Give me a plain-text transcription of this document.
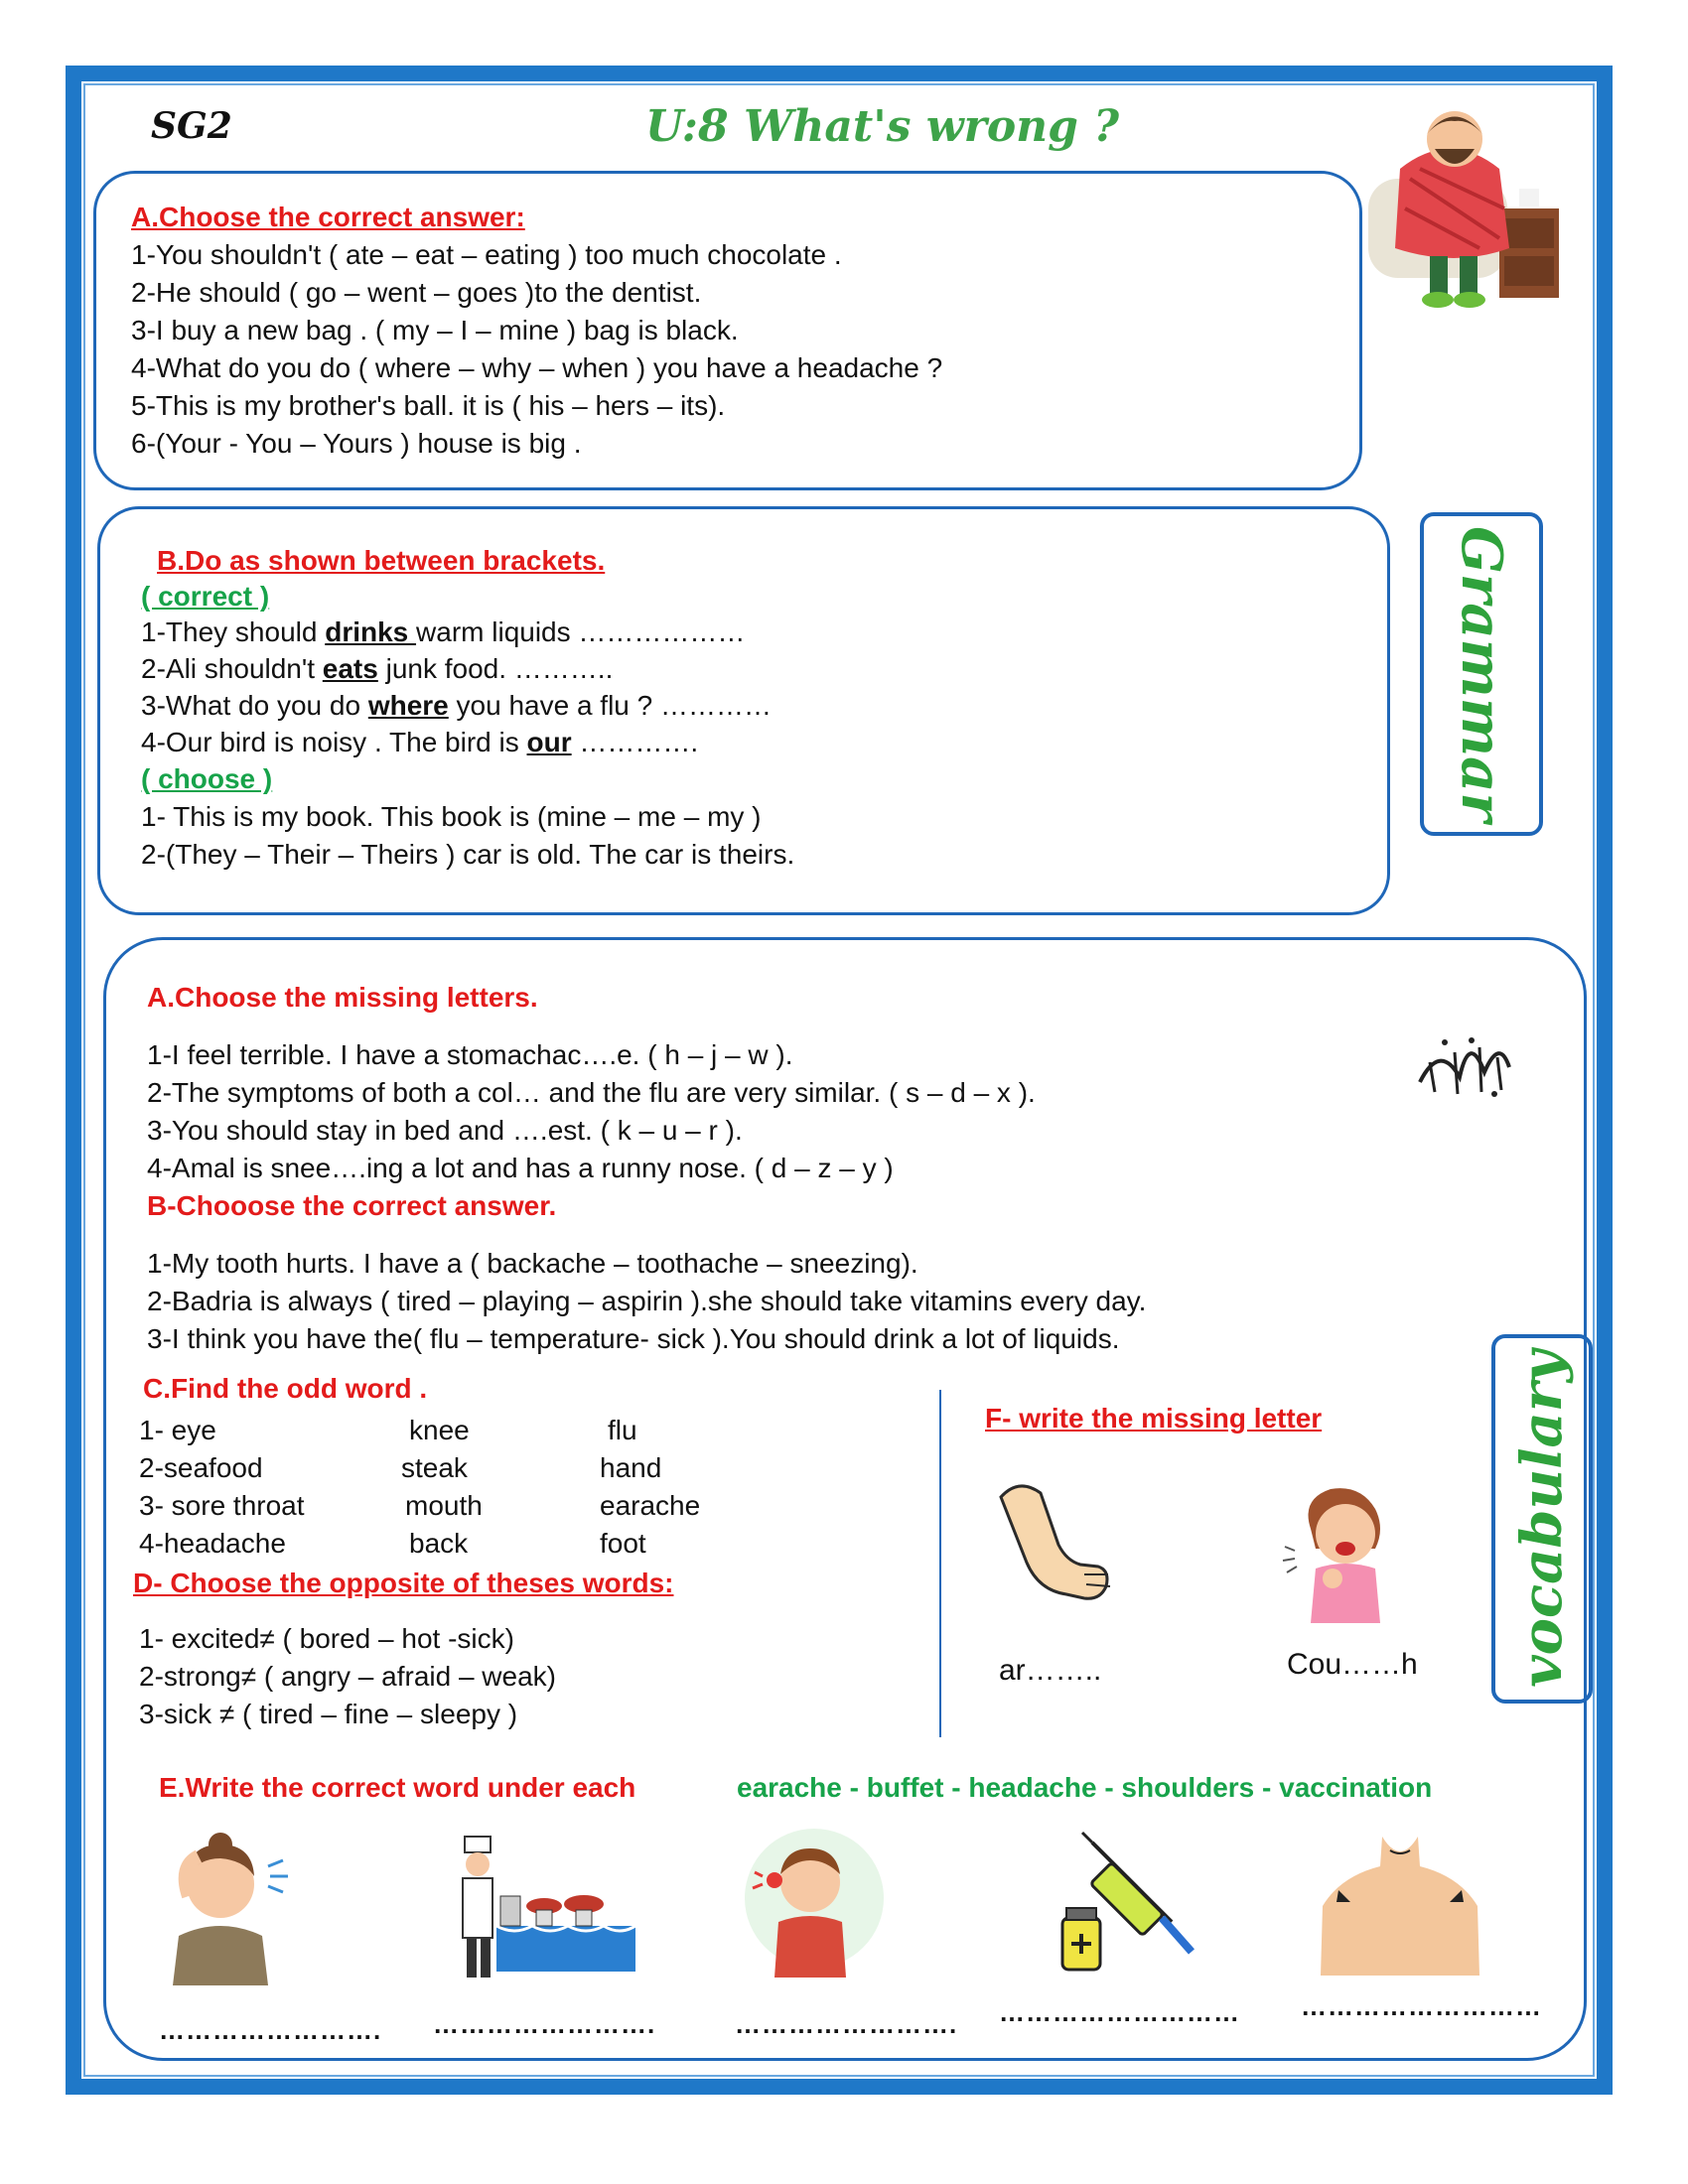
SG2	U:8 What's wrong ?
A.Choose the correct answer:
1-You shouldn't ( ate – eat – eating ) too much chocolate .
2-He should ( go – went – goes )to the dentist.
3-I buy a new bag . ( my – I – mine ) bag is black.
4-What do you do ( where – why – when ) you have a headache ?
5-This is my brother's ball. it is ( his – hers – its).
6-(Your - You – Yours ) house is big .
B.Do as shown between brackets.
( correct )
1-They should drinks warm liquids ………………
2-Ali shouldn't eats junk food. ………..
3-What do you do where you have a flu ? …………
4-Our bird is noisy . The bird is our ………….
( choose )
1- This is my book. This book is (mine – me – my )
2-(They – Their – Theirs ) car is old. The car is theirs.
Grammar
A.Choose the missing letters.
1-I feel terrible. I have a stomachac….e. ( h – j – w ).
2-The symptoms of both a col… and the flu are very similar. ( s – d – x ).
3-You should stay in bed and ….est. ( k – u – r ).
4-Amal is snee….ing a lot and has a runny nose. ( d – z – y )
B-Chooose the correct answer.
1-My tooth hurts. I have a ( backache – toothache – sneezing).
2-Badria is always ( tired – playing – aspirin ).she should take vitamins every day.
3-I think you have the( flu – temperature- sick ).You should drink a lot of liquids.
C.Find the odd word .
1- eye	knee	flu
2-seafood	steak	hand
3- sore throat	mouth	earache
4-headache	back	foot
D- Choose the opposite of theses words:
1- excited≠ ( bored – hot -sick)
2-strong≠ ( angry – afraid – weak)
3-sick ≠ ( tired – fine – sleepy )
F- write the missing letter
ar……..	Cou……h vocabulary
E.Write the correct word under each	earache - buffet - headache - shoulders - vaccination
……………………. …………………….	……………………. ……………………… ………………………
